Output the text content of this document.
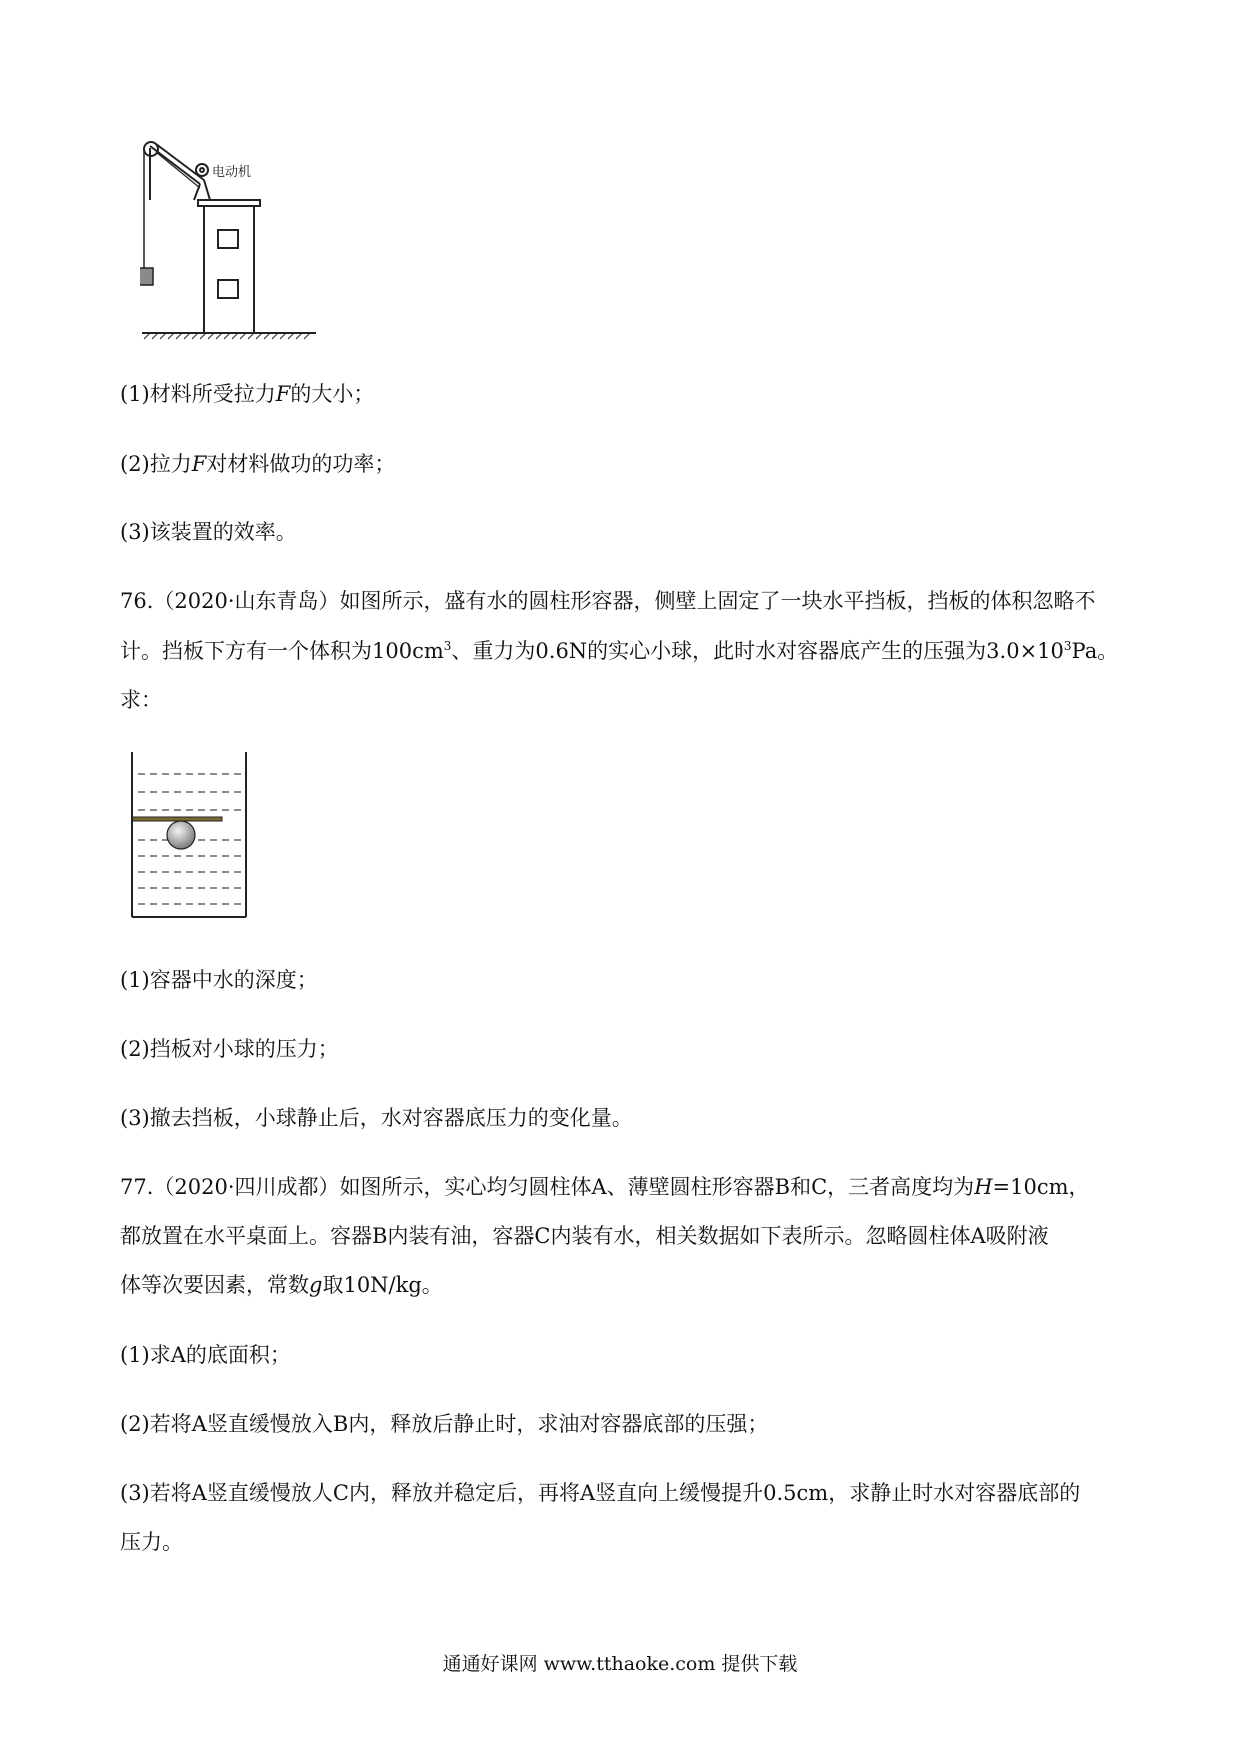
电动机
(1)材料所受拉力F的大小；
(2)拉力F对材料做功的功率；
(3)该装置的效率。
76.（2020·山东青岛）如图所示，盛有水的圆柱形容器，侧壁上固定了一块水平挡板，挡板的体积忽略不
计。挡板下方有一个体积为$100cm^3$、重力为0.6N的实心小球，此时水对容器底产生的压强为$3.0\times 10^3Pa$。
求：
(1)容器中水的深度；
(2)挡板对小球的压力；
(3)撤去挡板，小球静止后，水对容器底压力的变化量。
77.（2020·四川成都）如图所示，实心均匀圆柱体A、薄壁圆柱形容器B和C，三者高度均为H=10cm，
都放置在水平桌面上。容器B内装有油，容器C内装有水，相关数据如下表所示。忽略圆柱体A吸附液
体等次要因素，常数g取10N/kg。
(1)求A的底面积；
(2)若将A竖直缓慢放入B内，释放后静止时，求油对容器底部的压强；
(3)若将A竖直缓慢放人C内，释放并稳定后，再将A竖直向上缓慢提升0.5cm，求静止时水对容器底部的
压力。
通通好课网 www.tthaoke.com 提供下载
